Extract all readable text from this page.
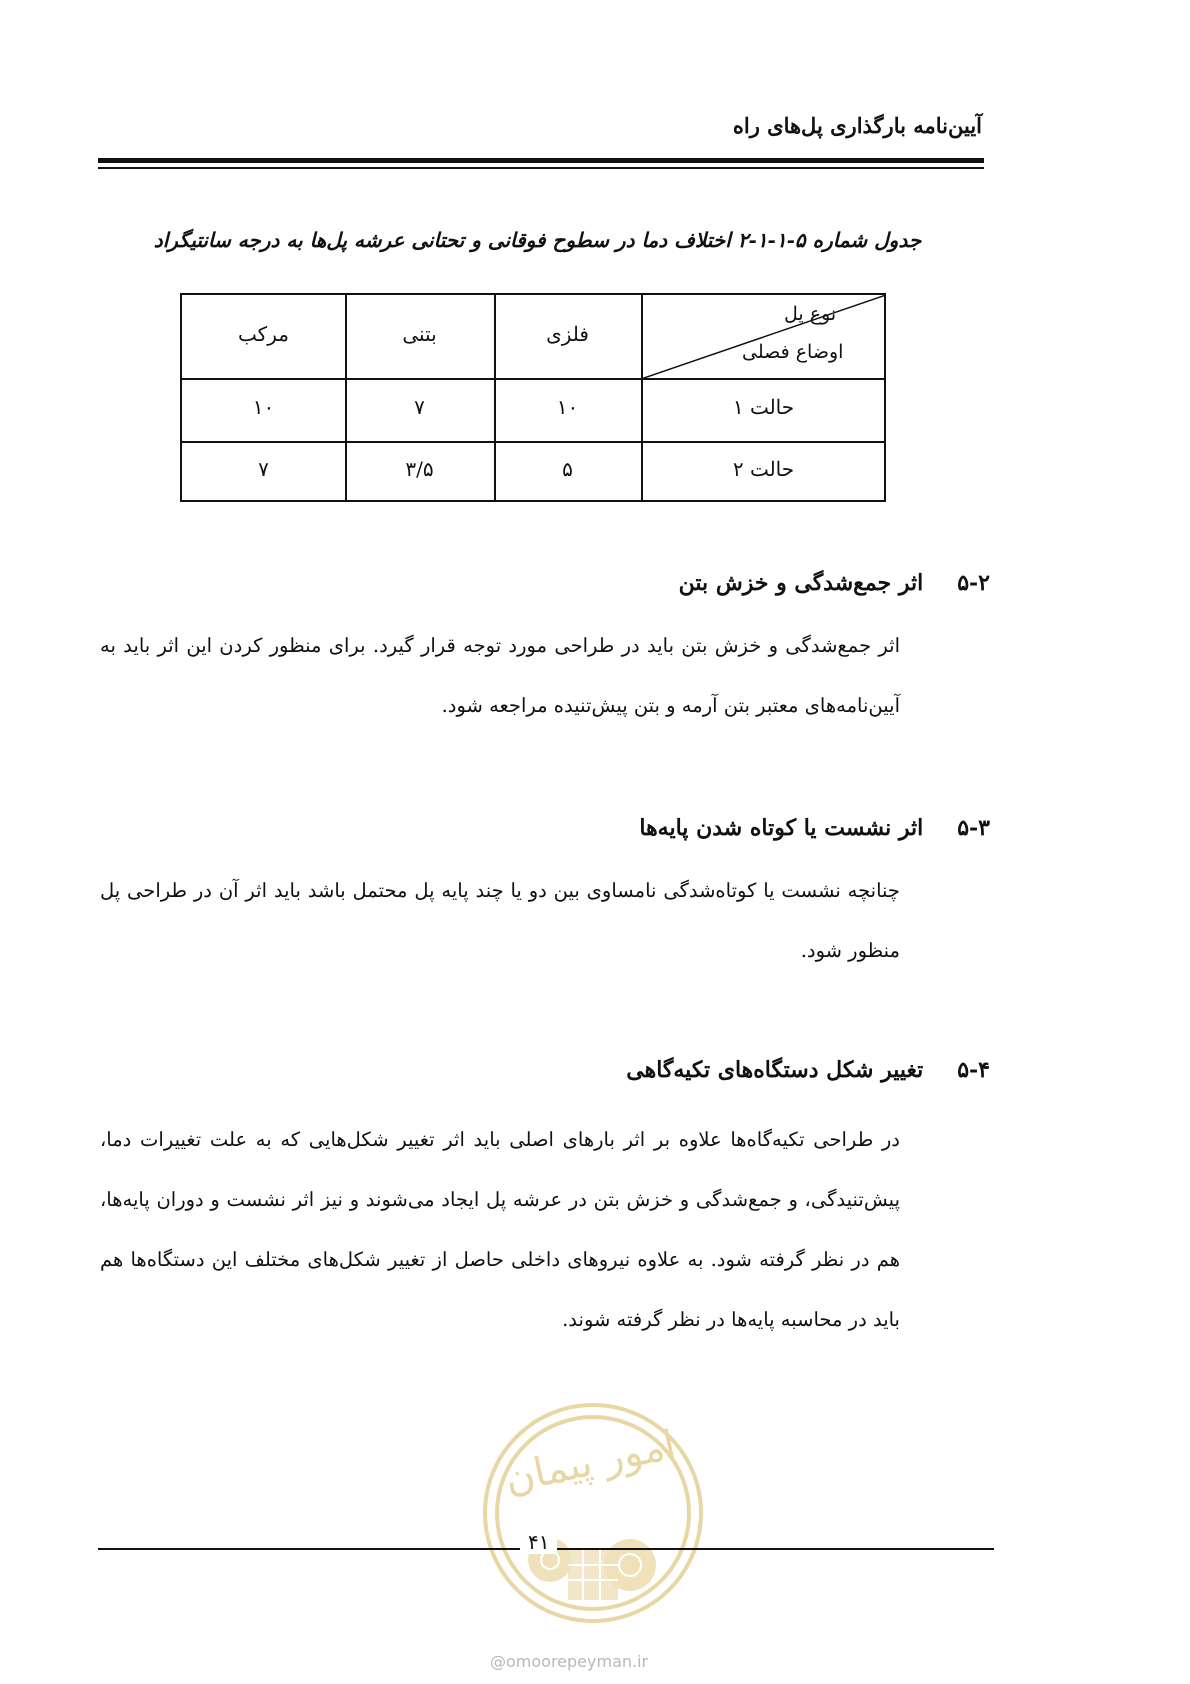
آیین‌نامه بارگذاری پل‌های راه
جدول شماره ۵-۱-۱-۲ اختلاف دما در سطوح فوقانی و تحتانی عرشه پل‌ها به درجه سانتیگراد
نوع پل
اوضاع فصلی
فلزی
بتنی
مرکب
حالت ۱
۱۰
۷
۱۰
حالت ۲
۵
۳/۵
۷
۵-۲
اثر جمع‌شدگی و خزش بتن
اثر جمع‌شدگی و خزش بتن باید در طراحی مورد توجه قرار گیرد. برای منظور کردن این اثر باید به آیین‌نامه‌های معتبر بتن آرمه و بتن پیش‌تنیده مراجعه شود.
۵-۳
اثر نشست یا کوتاه شدن پایه‌ها
چنانچه نشست یا کوتاه‌شدگی نامساوی بین دو یا چند پایه پل محتمل باشد باید اثر آن در طراحی پل منظور شود.
۵-۴
تغییر شکل دستگاه‌های تکیه‌گاهی
در طراحی تکیه‌گاه‌ها علاوه بر اثر بارهای اصلی باید اثر تغییر شکل‌هایی که به علت تغییرات دما، پیش‌تنیدگی، و جمع‌شدگی و خزش بتن در عرشه پل ایجاد می‌شوند و نیز اثر نشست و دوران پایه‌ها، هم در نظر گرفته شود. به علاوه نیروهای داخلی حاصل از تغییر شکل‌های مختلف این دستگاه‌ها هم باید در محاسبه پایه‌ها در نظر گرفته شوند.
امور پیمان
۴۱
@omoorepeyman.ir
